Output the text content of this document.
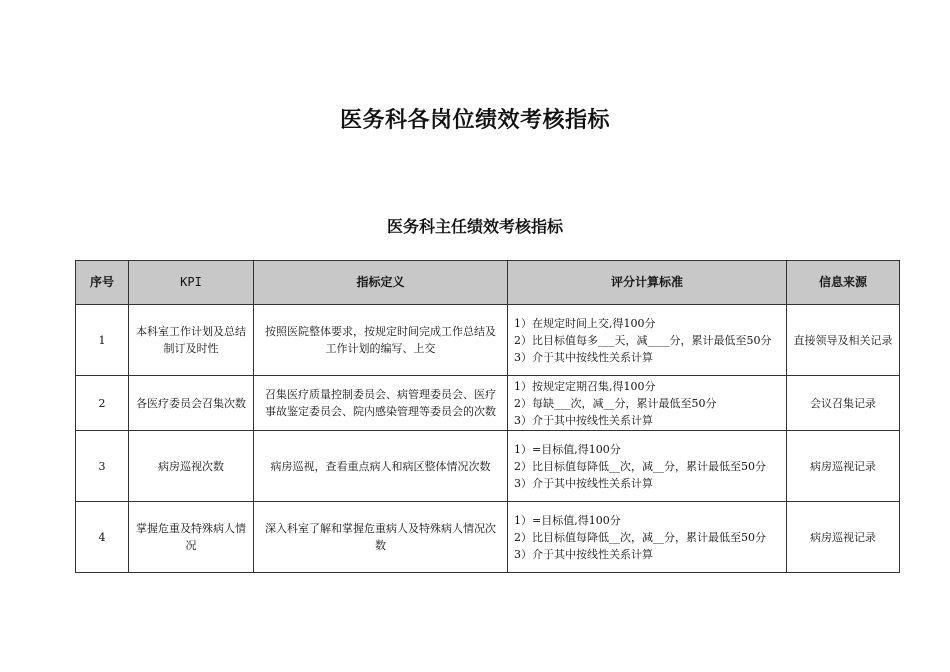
医务科各岗位绩效考核指标
医务科主任绩效考核指标
序号	KPI	指标定义	评分计算标准	信息来源
1	本科室工作计划及总结制订及时性	按照医院整体要求，按规定时间完成工作总结及工作计划的编写、上交	1）在规定时间上交,得100分
2）比目标值每多___天，减____分，累计最低至50分
3）介于其中按线性关系计算	直接领导及相关记录
2	各医疗委员会召集次数	召集医疗质量控制委员会、病管理委员会、医疗事故鉴定委员会、院内感染管理等委员会的次数	1）按规定定期召集,得100分
2）每缺___次，减__分，累计最低至50分
3）介于其中按线性关系计算	会议召集记录
3	病房巡视次数	病房巡视，查看重点病人和病区整体情况次数	1）=目标值,得100分
2）比目标值每降低__次，减__分，累计最低至50分
3）介于其中按线性关系计算	病房巡视记录
4	掌握危重及特殊病人情况	深入科室了解和掌握危重病人及特殊病人情况次数	1）=目标值,得100分
2）比目标值每降低__次，减__分，累计最低至50分
3）介于其中按线性关系计算	病房巡视记录
